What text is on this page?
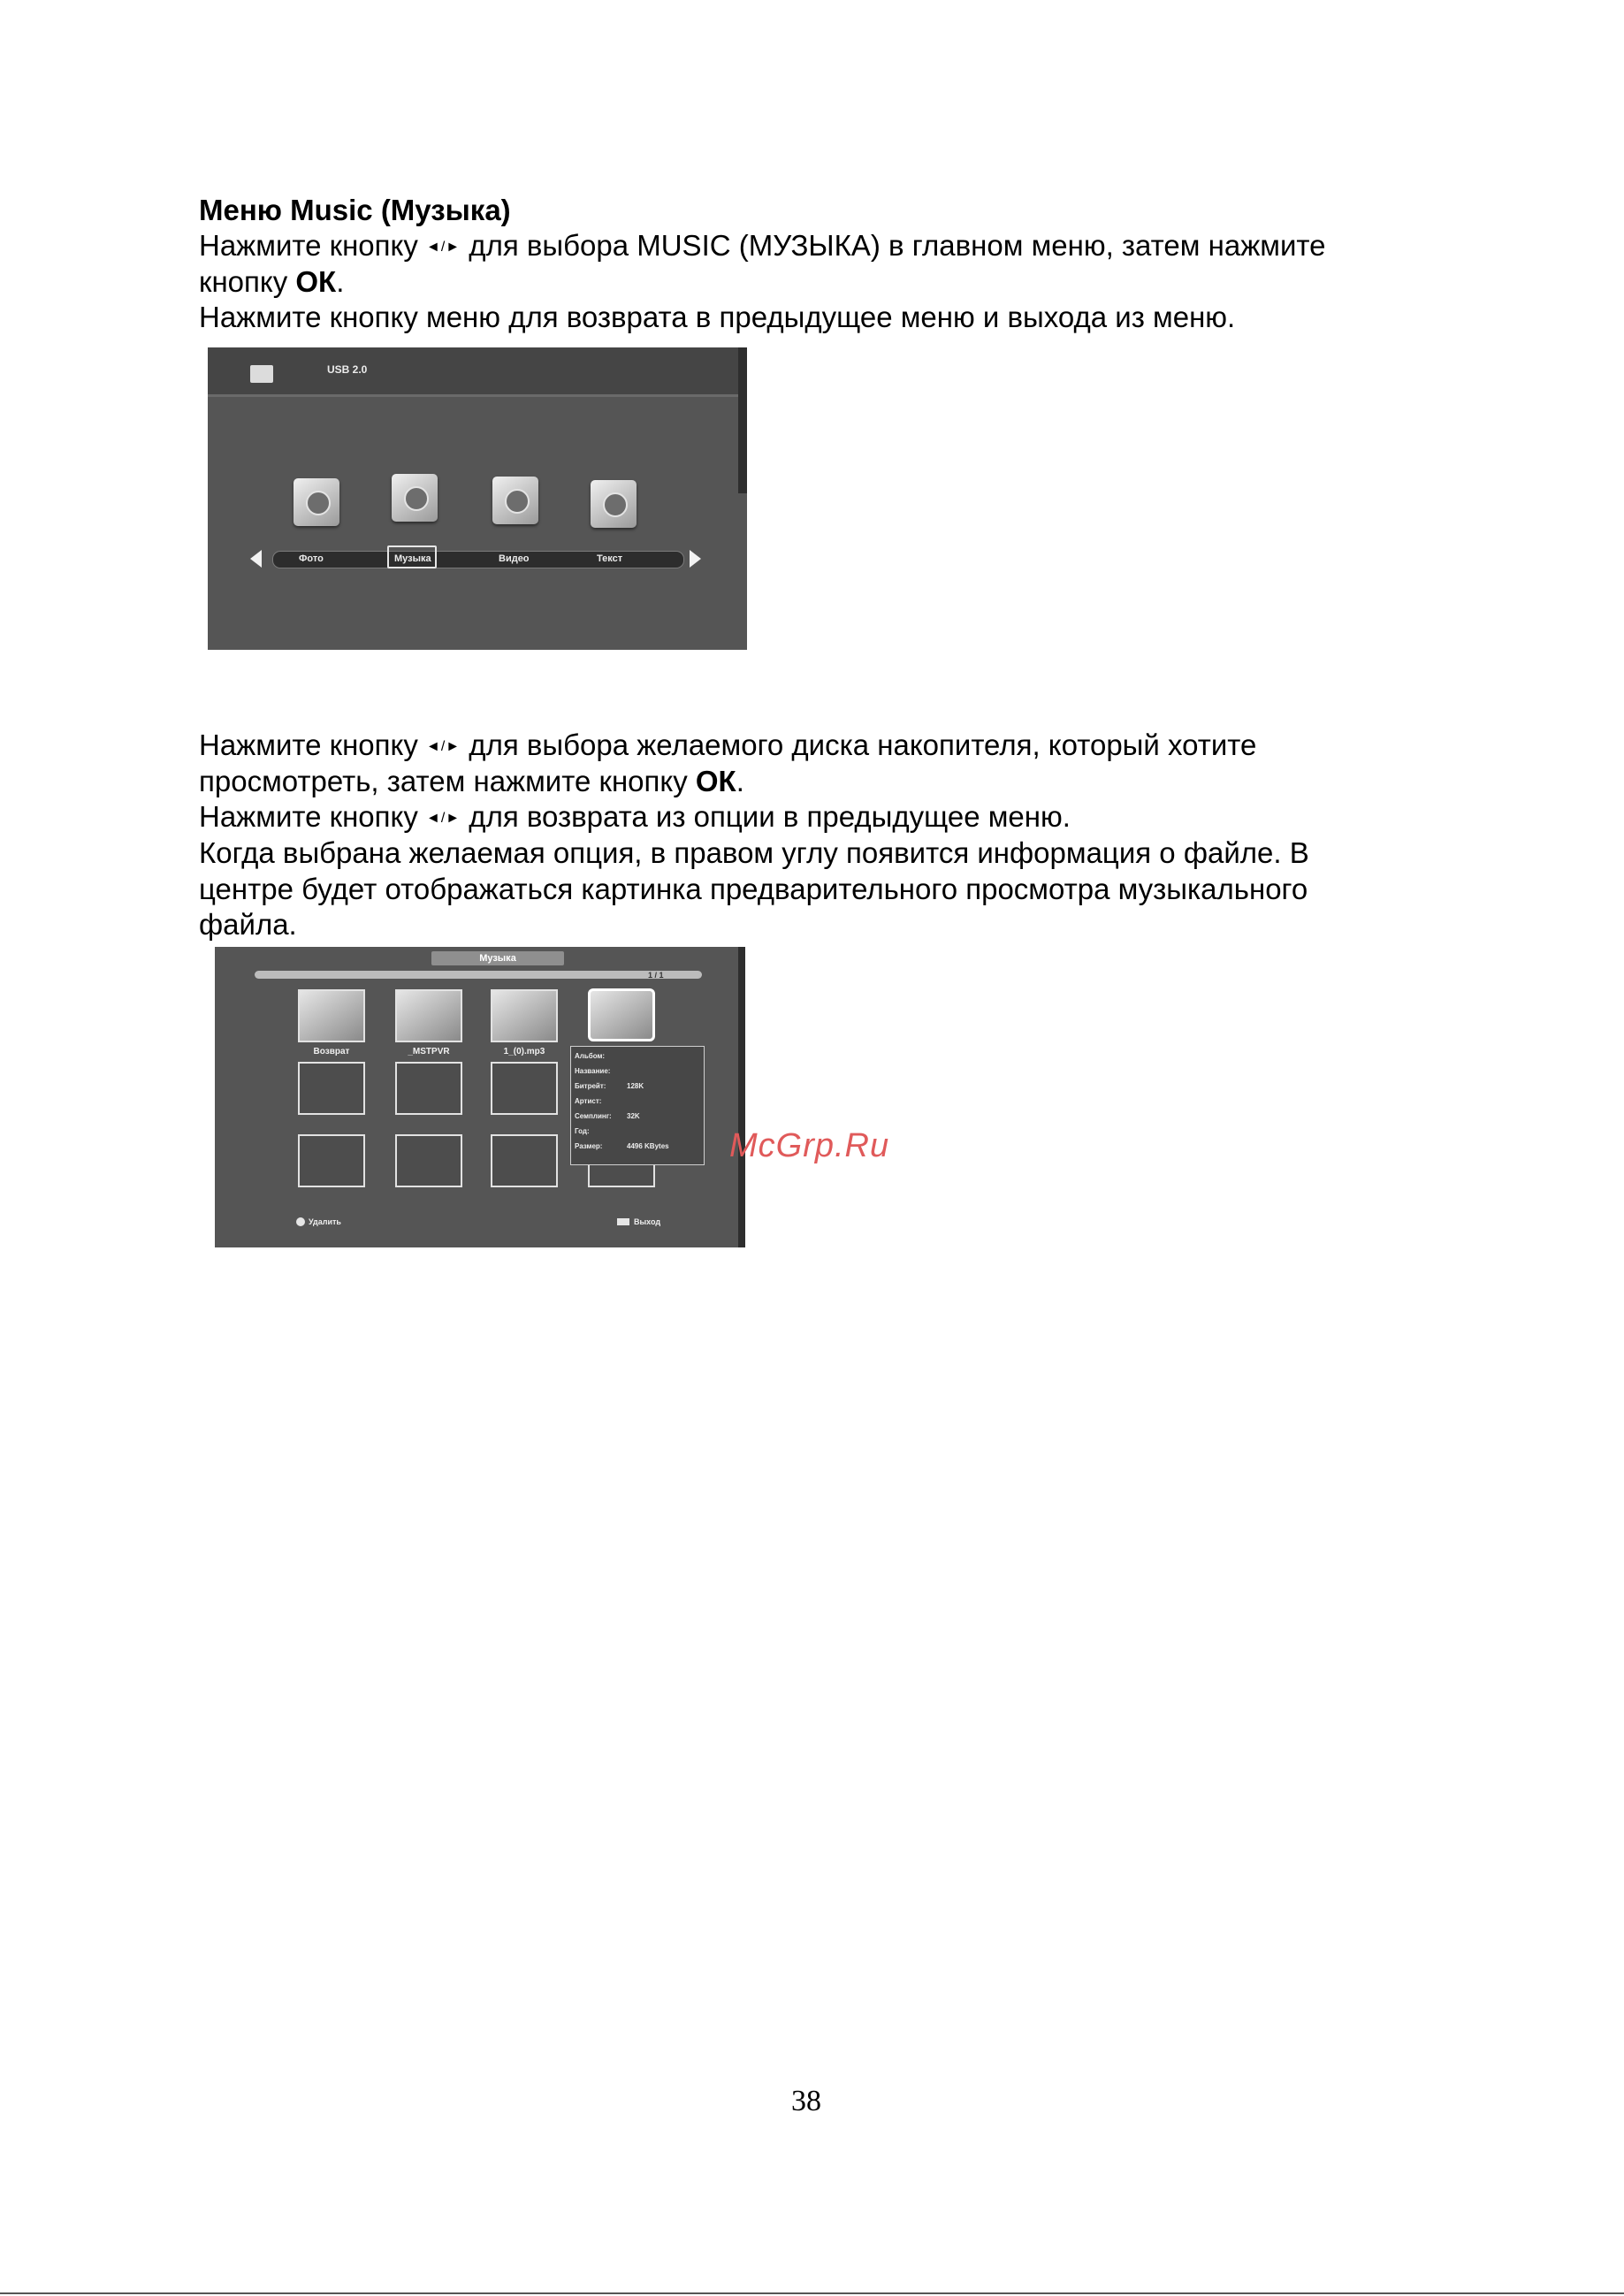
Меню Music (Музыка)
Нажмите кнопку ◄/► для выбора MUSIC (МУЗЫКА) в главном меню, затем нажмите
кнопку ОК.
Нажмите кнопку меню для возврата в предыдущее меню и выхода из меню.
USB 2.0
Фото	Музыка	Видео	Текст
Нажмите кнопку ◄/► для выбора желаемого диска накопителя, который хотите
просмотреть, затем нажмите кнопку ОК.
Нажмите кнопку ◄/► для возврата из опции в предыдущее меню.
Когда выбрана желаемая опция, в правом углу появится информация о файле. В
центре будет отображаться картинка предварительного просмотра музыкального
файла.
Музыка
1 / 1
Возврат	_MSTPVR	1_(0).mp3	Альбом:
Название:
Битрейт:	128K
Артист:
Семплинг: 32K
Год:
Размер:	4496 KBytes
Удалить	Выход
McGrp.Ru
38
